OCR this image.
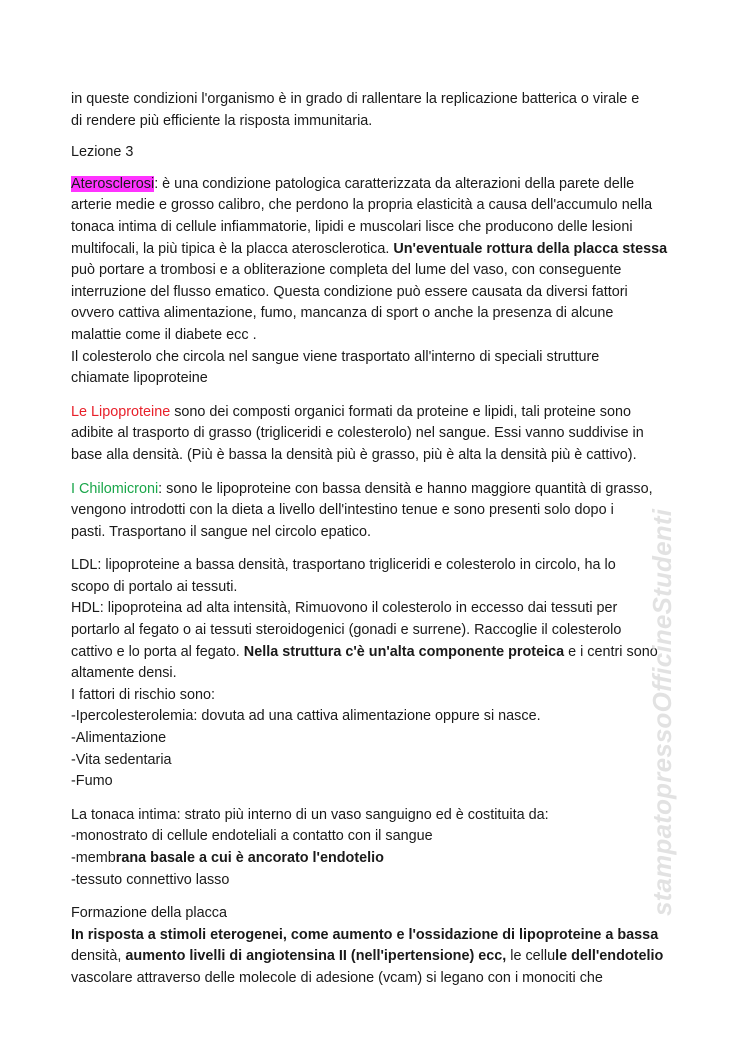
in queste condizioni l'organismo è in grado di rallentare la replicazione batterica o virale e

di rendere più efficiente la risposta immunitaria.

Lezione 3

Aterosclerosi: è una condizione patologica caratterizzata da alterazioni della parete delle

arterie medie e grosso calibro, che perdono la propria elasticità a causa dell'accumulo nella

tonaca intima di cellule infiammatorie, lipidi e muscolari lisce che producono delle lesioni

multifocali, la più tipica è la placca aterosclerotica. Un'eventuale rottura della placca stessa

può portare a trombosi e a obliterazione completa del lume del vaso, con conseguente

interruzione del flusso ematico. Questa condizione può essere causata da diversi fattori

ovvero cattiva alimentazione, fumo, mancanza di sport o anche la presenza di alcune

malattie come il diabete ecc .

Il colesterolo che circola nel sangue viene trasportato all'interno di speciali strutture

chiamate lipoproteine

Le Lipoproteine sono dei composti organici formati da proteine e lipidi, tali proteine sono

adibite al trasporto di grasso (trigliceridi e colesterolo) nel sangue. Essi vanno suddivise in

base alla densità. (Più è bassa la densità più è grasso, più è alta la densità più è cattivo).

I Chilomicroni: sono le lipoproteine con bassa densità e hanno maggiore quantità di grasso,

vengono introdotti con la dieta a livello dell'intestino tenue e sono presenti solo dopo i

pasti. Trasportano il sangue nel circolo epatico.

LDL: lipoproteine a bassa densità, trasportano trigliceridi e colesterolo in circolo, ha lo

scopo di portalo ai tessuti.

HDL: lipoproteina ad alta intensità, Rimuovono il colesterolo in eccesso dai tessuti per

portarlo al fegato o ai tessuti steroidogenici (gonadi e surrene). Raccoglie il colesterolo

cattivo e lo porta al fegato. Nella struttura c'è un'alta componente proteica e i centri sono

altamente densi.

I fattori di rischio sono:

-Ipercolesterolemia: dovuta ad una cattiva alimentazione oppure si nasce.

-Alimentazione

-Vita sedentaria

-Fumo

La tonaca intima: strato più interno di un vaso sanguigno ed è costituita da:

-monostrato di cellule endoteliali a contatto con il sangue

-membrana basale a cui è ancorato l'endotelio

-tessuto connettivo lasso

Formazione della placca

In risposta a stimoli eterogenei, come aumento e l'ossidazione di lipoproteine a bassa

densità, aumento livelli di angiotensina II (nell'ipertensione) ecc, le cellule dell'endotelio

vascolare attraverso delle molecole di adesione (vcam) si legano con i monociti che

stampatopressoOfficineStudenti
